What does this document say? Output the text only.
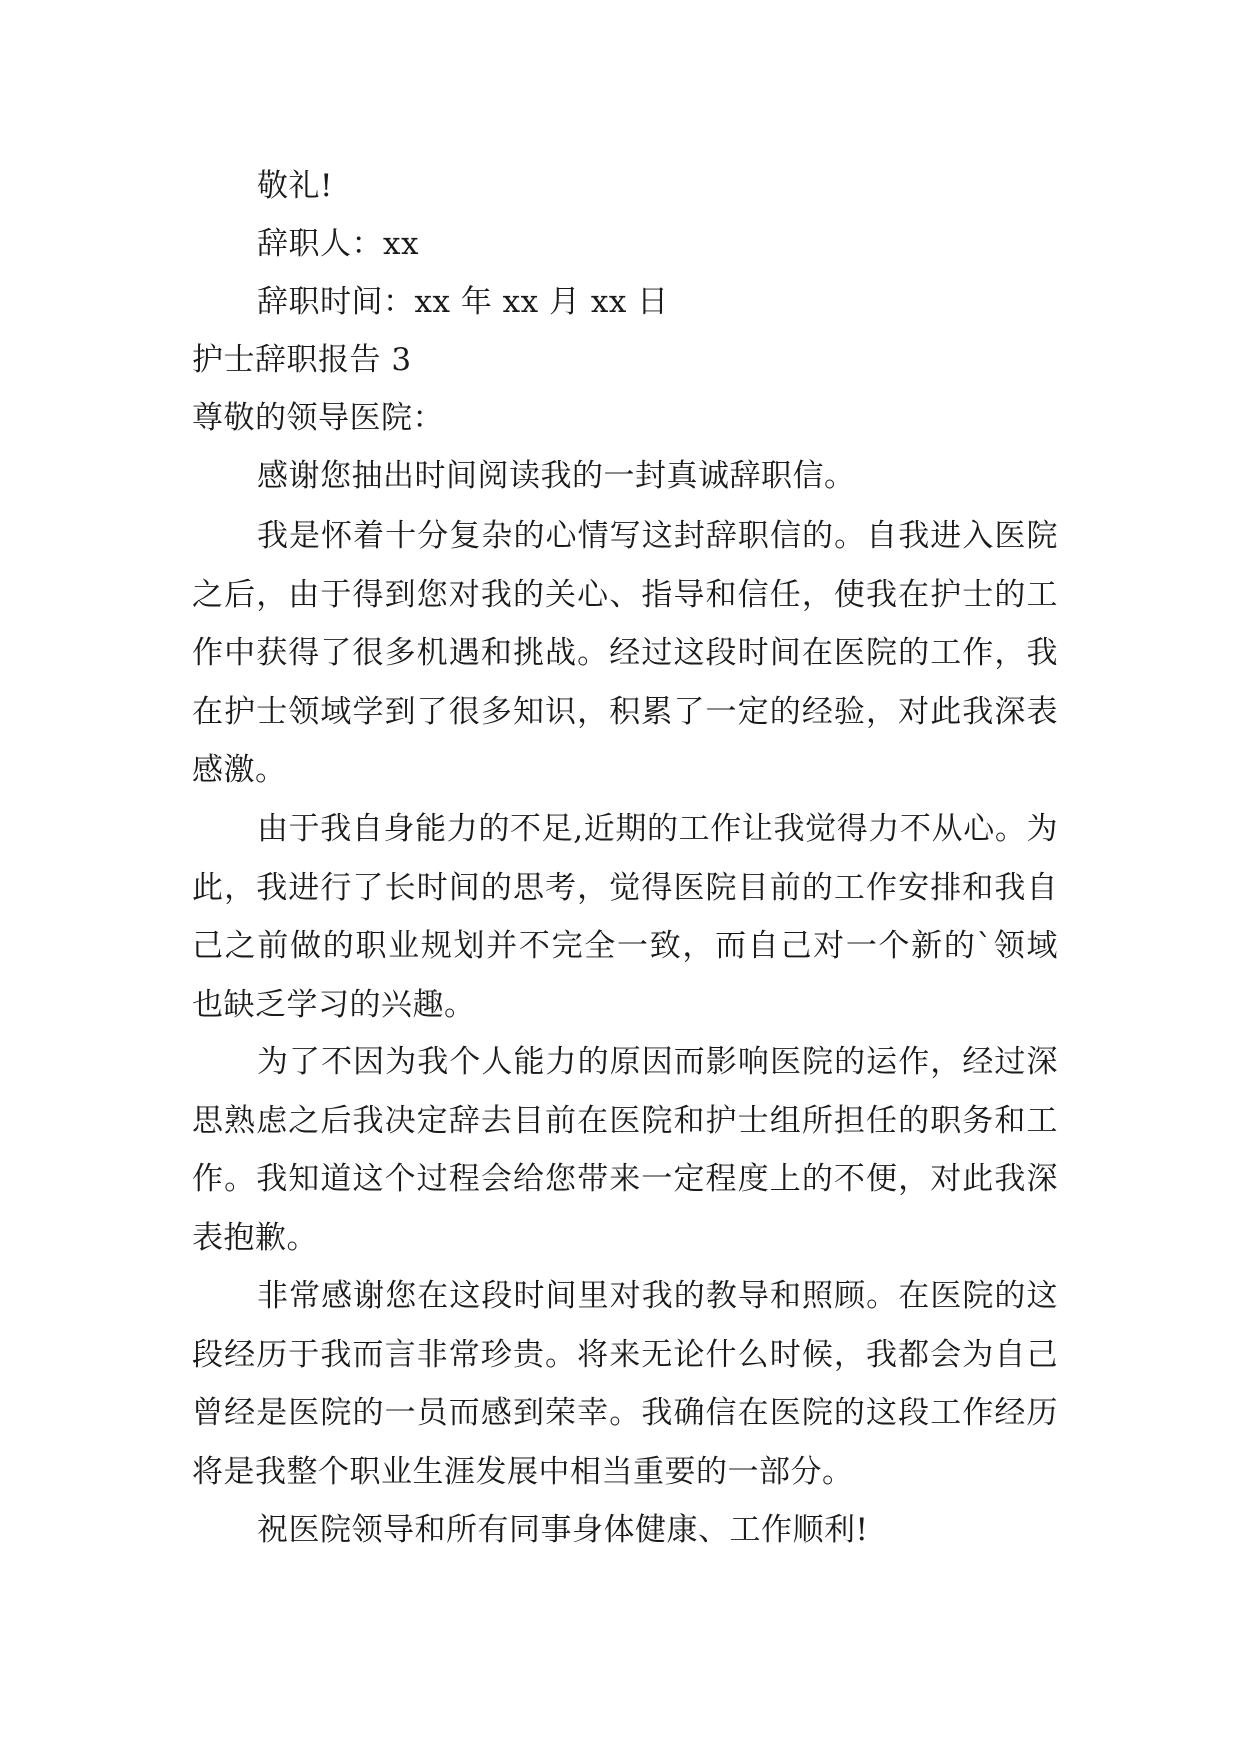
敬礼!

辞职人：xx

辞职时间：xx 年 xx 月 xx 日

护士辞职报告 3

尊敬的领导医院：

感谢您抽出时间阅读我的一封真诚辞职信。

我是怀着十分复杂的心情写这封辞职信的。自我进入医院之后，由于得到您对我的关心、指导和信任，使我在护士的工作中获得了很多机遇和挑战。经过这段时间在医院的工作，我在护士领域学到了很多知识，积累了一定的经验，对此我深表感激。

由于我自身能力的不足,近期的工作让我觉得力不从心。为此，我进行了长时间的思考，觉得医院目前的工作安排和我自己之前做的职业规划并不完全一致，而自己对一个新的`领域也缺乏学习的兴趣。

为了不因为我个人能力的原因而影响医院的运作，经过深思熟虑之后我决定辞去目前在医院和护士组所担任的职务和工作。我知道这个过程会给您带来一定程度上的不便，对此我深表抱歉。

非常感谢您在这段时间里对我的教导和照顾。在医院的这段经历于我而言非常珍贵。将来无论什么时候，我都会为自己曾经是医院的一员而感到荣幸。我确信在医院的这段工作经历将是我整个职业生涯发展中相当重要的一部分。

祝医院领导和所有同事身体健康、工作顺利!
